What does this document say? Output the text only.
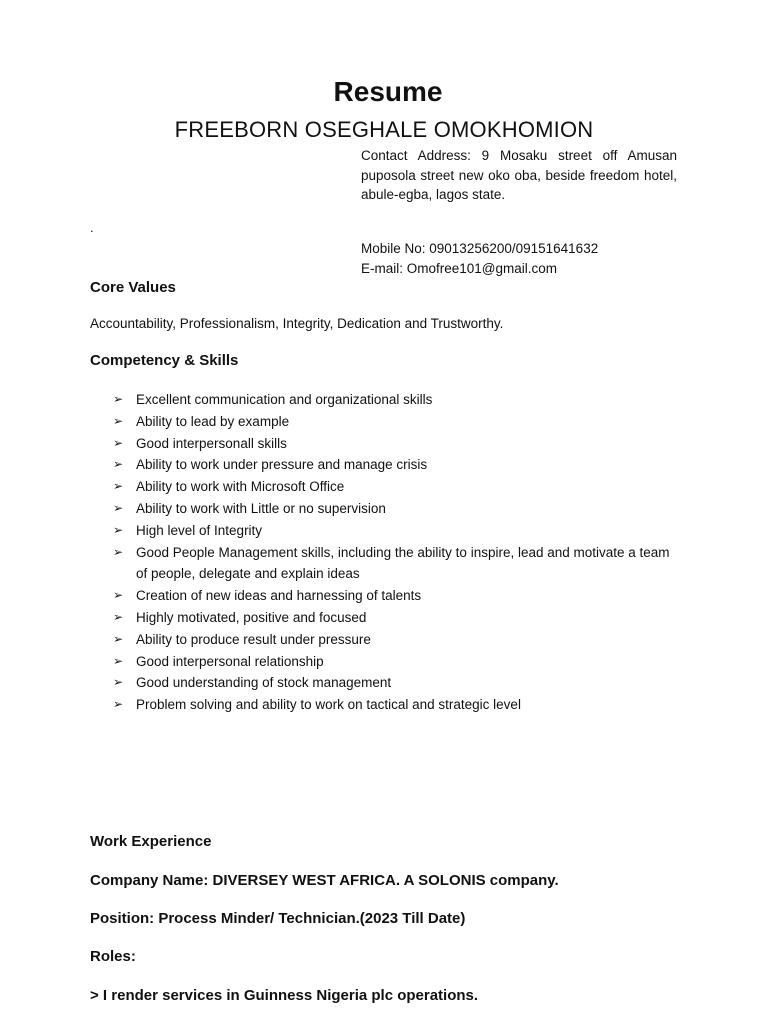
Resume
FREEBORN OSEGHALE OMOKHOMION
Contact Address: 9 Mosaku street off Amusan puposola street new oko oba, beside freedom hotel, abule-egba, lagos state.
.
Mobile No: 09013256200/09151641632
E-mail: Omofree101@gmail.com
Core Values
Accountability, Professionalism, Integrity, Dedication and Trustworthy.
Competency & Skills
➢ Excellent communication and organizational skills
➢ Ability to lead by example
➢ Good interpersonall skills
➢ Ability to work under pressure and manage crisis
➢ Ability to work with Microsoft Office
➢ Ability to work with Little or no supervision
➢ High level of Integrity
➢ Good People Management skills, including the ability to inspire, lead and motivate a team of people, delegate and explain ideas
➢ Creation of new ideas and harnessing of talents
➢ Highly motivated, positive and focused
➢ Ability to produce result under pressure
➢ Good interpersonal relationship
➢ Good understanding of stock management
➢ Problem solving and ability to work on tactical and strategic level
Work Experience
Company Name: DIVERSEY WEST AFRICA. A SOLONIS company.
Position: Process Minder/ Technician.(2023 Till Date)
Roles:
> I render services in Guinness Nigeria plc operations.
